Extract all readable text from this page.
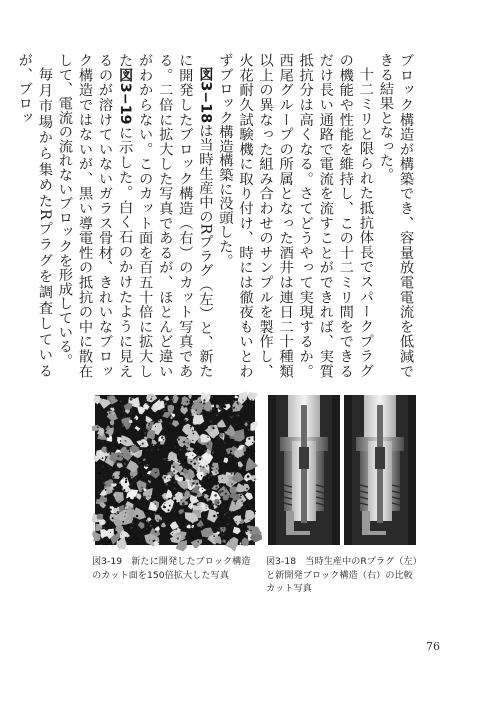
ブロック構造が構築でき、容量放電電流を低減できる結果となった。

十二ミリと限られた抵抗体長でスパークプラグの機能や性能を維持し、この十二ミリ間をできるだけ長い通路で電流を流すことができれば、実質抵抗分は高くなる。さてどうやって実現するか。西尾グループの所属となった酒井は連日二十種類以上の異なった組み合わせのサンプルを製作し、火花耐久試験機に取り付け、時には徹夜もいとわずブロック構造構築に没頭した。

図3−18は当時生産中のRプラグ（左）と、新たに開発したブロック構造（右）のカット写真である。二倍に拡大した写真であるが、ほとんど違いがわからない。このカット面を百五十倍に拡大した図3−19に示した。白く石のかけたように見えるのが溶けていないガラス骨材、きれいなブロック構造ではないが、黒い導電性の抵抗の中に散在して、電流の流れないブロックを形成している。

毎月市場から集めたRプラグを調査しているが、ブロッ

図3-19　新たに開発したブロック構造
のカット面を150倍拡大した写真
図3-18　当時生産中のRプラグ（左）
と新開発ブロック構造（右）の比較
カット写真
76
